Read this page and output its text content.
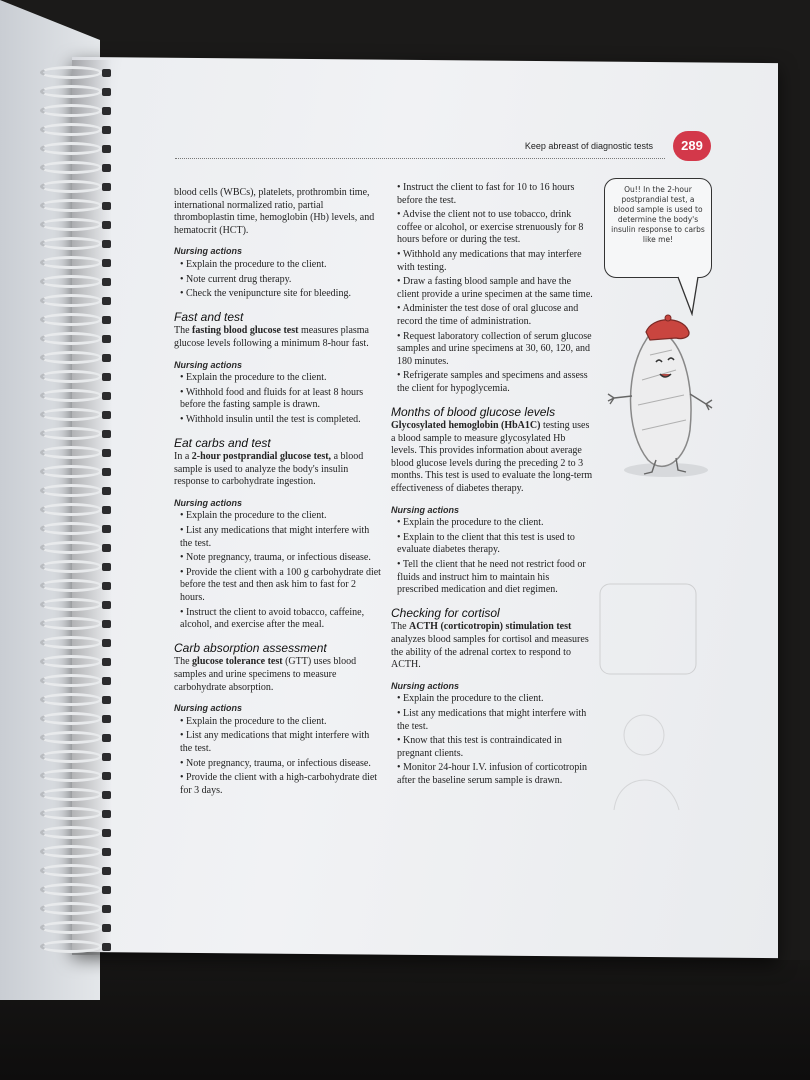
Keep abreast of diagnostic tests	289

blood cells (WBCs), platelets, prothrombin time, international normalized ratio, partial thromboplastin time, hemoglobin (Hb) levels, and hematocrit (HCT).

Nursing actions

• Explain the procedure to the client.

• Note current drug therapy.

• Check the venipuncture site for bleeding.

Fast and test

The fasting blood glucose test measures plasma glucose levels following a minimum 8-hour fast.

Nursing actions

• Explain the procedure to the client.

• Withhold food and fluids for at least 8 hours before the fasting sample is drawn.

• Withhold insulin until the test is completed.

Eat carbs and test

In a 2-hour postprandial glucose test, a blood sample is used to analyze the body's insulin response to carbohydrate ingestion.

Nursing actions

• Explain the procedure to the client.

• List any medications that might interfere with the test.

• Note pregnancy, trauma, or infectious disease.

• Provide the client with a 100 g carbohydrate diet before the test and then ask him to fast for 2 hours.

• Instruct the client to avoid tobacco, caffeine, alcohol, and exercise after the meal.

Carb absorption assessment

The glucose tolerance test (GTT) uses blood samples and urine specimens to measure carbohydrate absorption.

Nursing actions

• Explain the procedure to the client.

• List any medications that might interfere with the test.

• Note pregnancy, trauma, or infectious disease.

• Provide the client with a high-carbohydrate diet for 3 days.

• Instruct the client to fast for 10 to 16 hours before the test.

• Advise the client not to use tobacco, drink coffee or alcohol, or exercise strenuously for 8 hours before or during the test.

• Withhold any medications that may interfere with testing.

• Draw a fasting blood sample and have the client provide a urine specimen at the same time.

• Administer the test dose of oral glucose and record the time of administration.

• Request laboratory collection of serum glucose samples and urine specimens at 30, 60, 120, and 180 minutes.

• Refrigerate samples and specimens and assess the client for hypoglycemia.

Months of blood glucose levels

Glycosylated hemoglobin (HbA1C) testing uses a blood sample to measure glycosylated Hb levels. This provides information about average blood glucose levels during the preceding 2 to 3 months. This test is used to evaluate the long-term effectiveness of diabetes therapy.

Nursing actions

• Explain the procedure to the client.

• Explain to the client that this test is used to evaluate diabetes therapy.

• Tell the client that he need not restrict food or fluids and instruct him to maintain his prescribed medication and diet regimen.

Checking for cortisol

The ACTH (corticotropin) stimulation test analyzes blood samples for cortisol and measures the ability of the adrenal cortex to respond to ACTH.

Nursing actions

• Explain the procedure to the client.

• List any medications that might interfere with the test.

• Know that this test is contraindicated in pregnant clients.

• Monitor 24-hour I.V. infusion of corticotropin after the baseline serum sample is drawn.

Ou!! In the 2-hour postprandial test, a blood sample is used to determine the body's insulin response to carbs like me!
